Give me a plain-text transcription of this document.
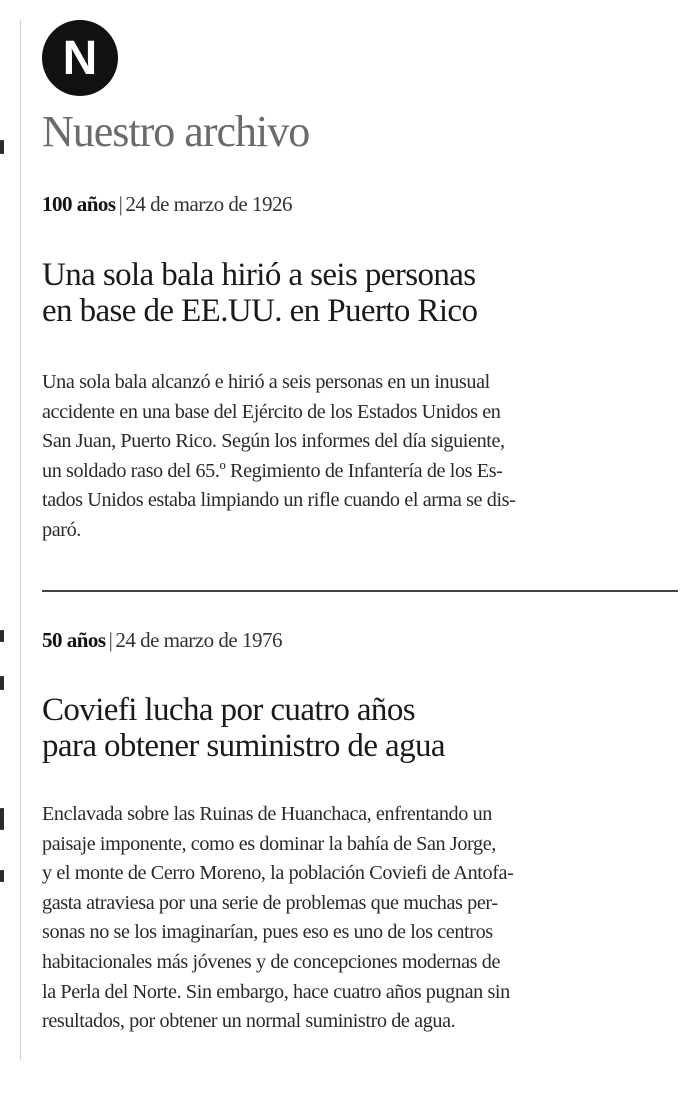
N
Nuestro archivo

100 años | 24 de marzo de 1926

Una sola bala hirió a seis personas
en base de EE.UU. en Puerto Rico
Una sola bala alcanzó e hirió a seis personas en un inusual
accidente en una base del Ejército de los Estados Unidos en
San Juan, Puerto Rico. Según los informes del día siguiente,
un soldado raso del 65.º Regimiento de Infantería de los Es-
tados Unidos estaba limpiando un rifle cuando el arma se dis-
paró.

50 años | 24 de marzo de 1976

Coviefi lucha por cuatro años
para obtener suministro de agua
Enclavada sobre las Ruinas de Huanchaca, enfrentando un
paisaje imponente, como es dominar la bahía de San Jorge,
y el monte de Cerro Moreno, la población Coviefi de Antofa-
gasta atraviesa por una serie de problemas que muchas per-
sonas no se los imaginarían, pues eso es uno de los centros
habitacionales más jóvenes y de concepciones modernas de
la Perla del Norte. Sin embargo, hace cuatro años pugnan sin
resultados, por obtener un normal suministro de agua.
